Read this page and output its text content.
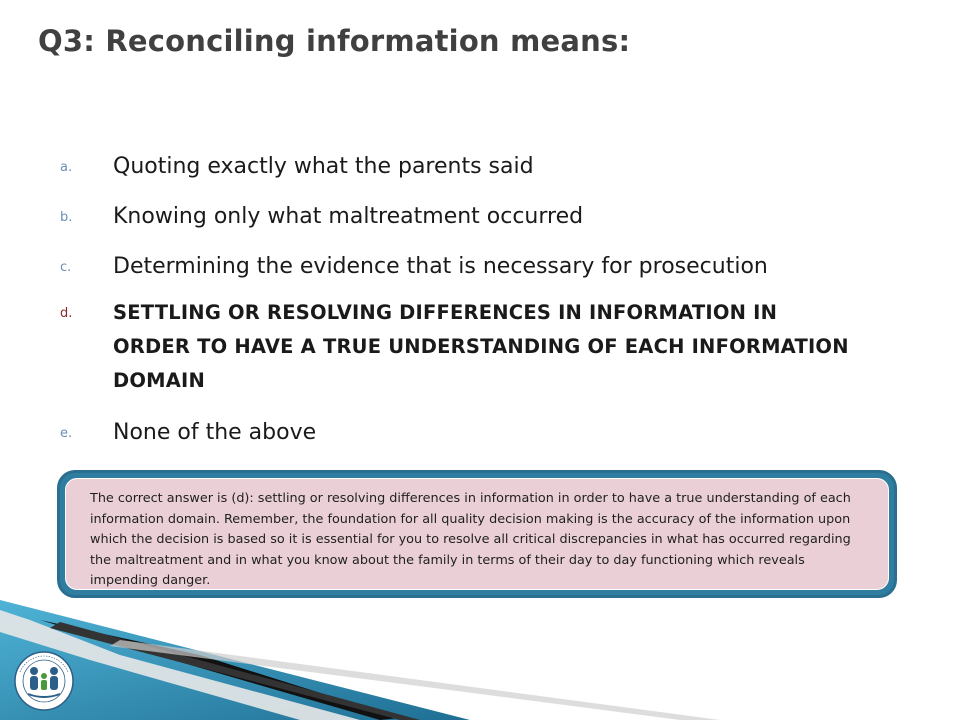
Q3: Reconciling information means:
a. Quoting exactly what the parents said
b. Knowing only what maltreatment occurred
c. Determining the evidence that is necessary for prosecution
d. SETTLING OR RESOLVING DIFFERENCES IN INFORMATION IN ORDER TO HAVE A TRUE UNDERSTANDING OF EACH INFORMATION DOMAIN
e. None of the above
The correct answer is (d): settling or resolving differences in information in order to have a true understanding of each information domain. Remember, the foundation for all quality decision making is the accuracy of the information upon which the decision is based so it is essential for you to resolve all critical discrepancies in what has occurred regarding the maltreatment and in what you know about the family in terms of their day to day functioning which reveals impending danger.
